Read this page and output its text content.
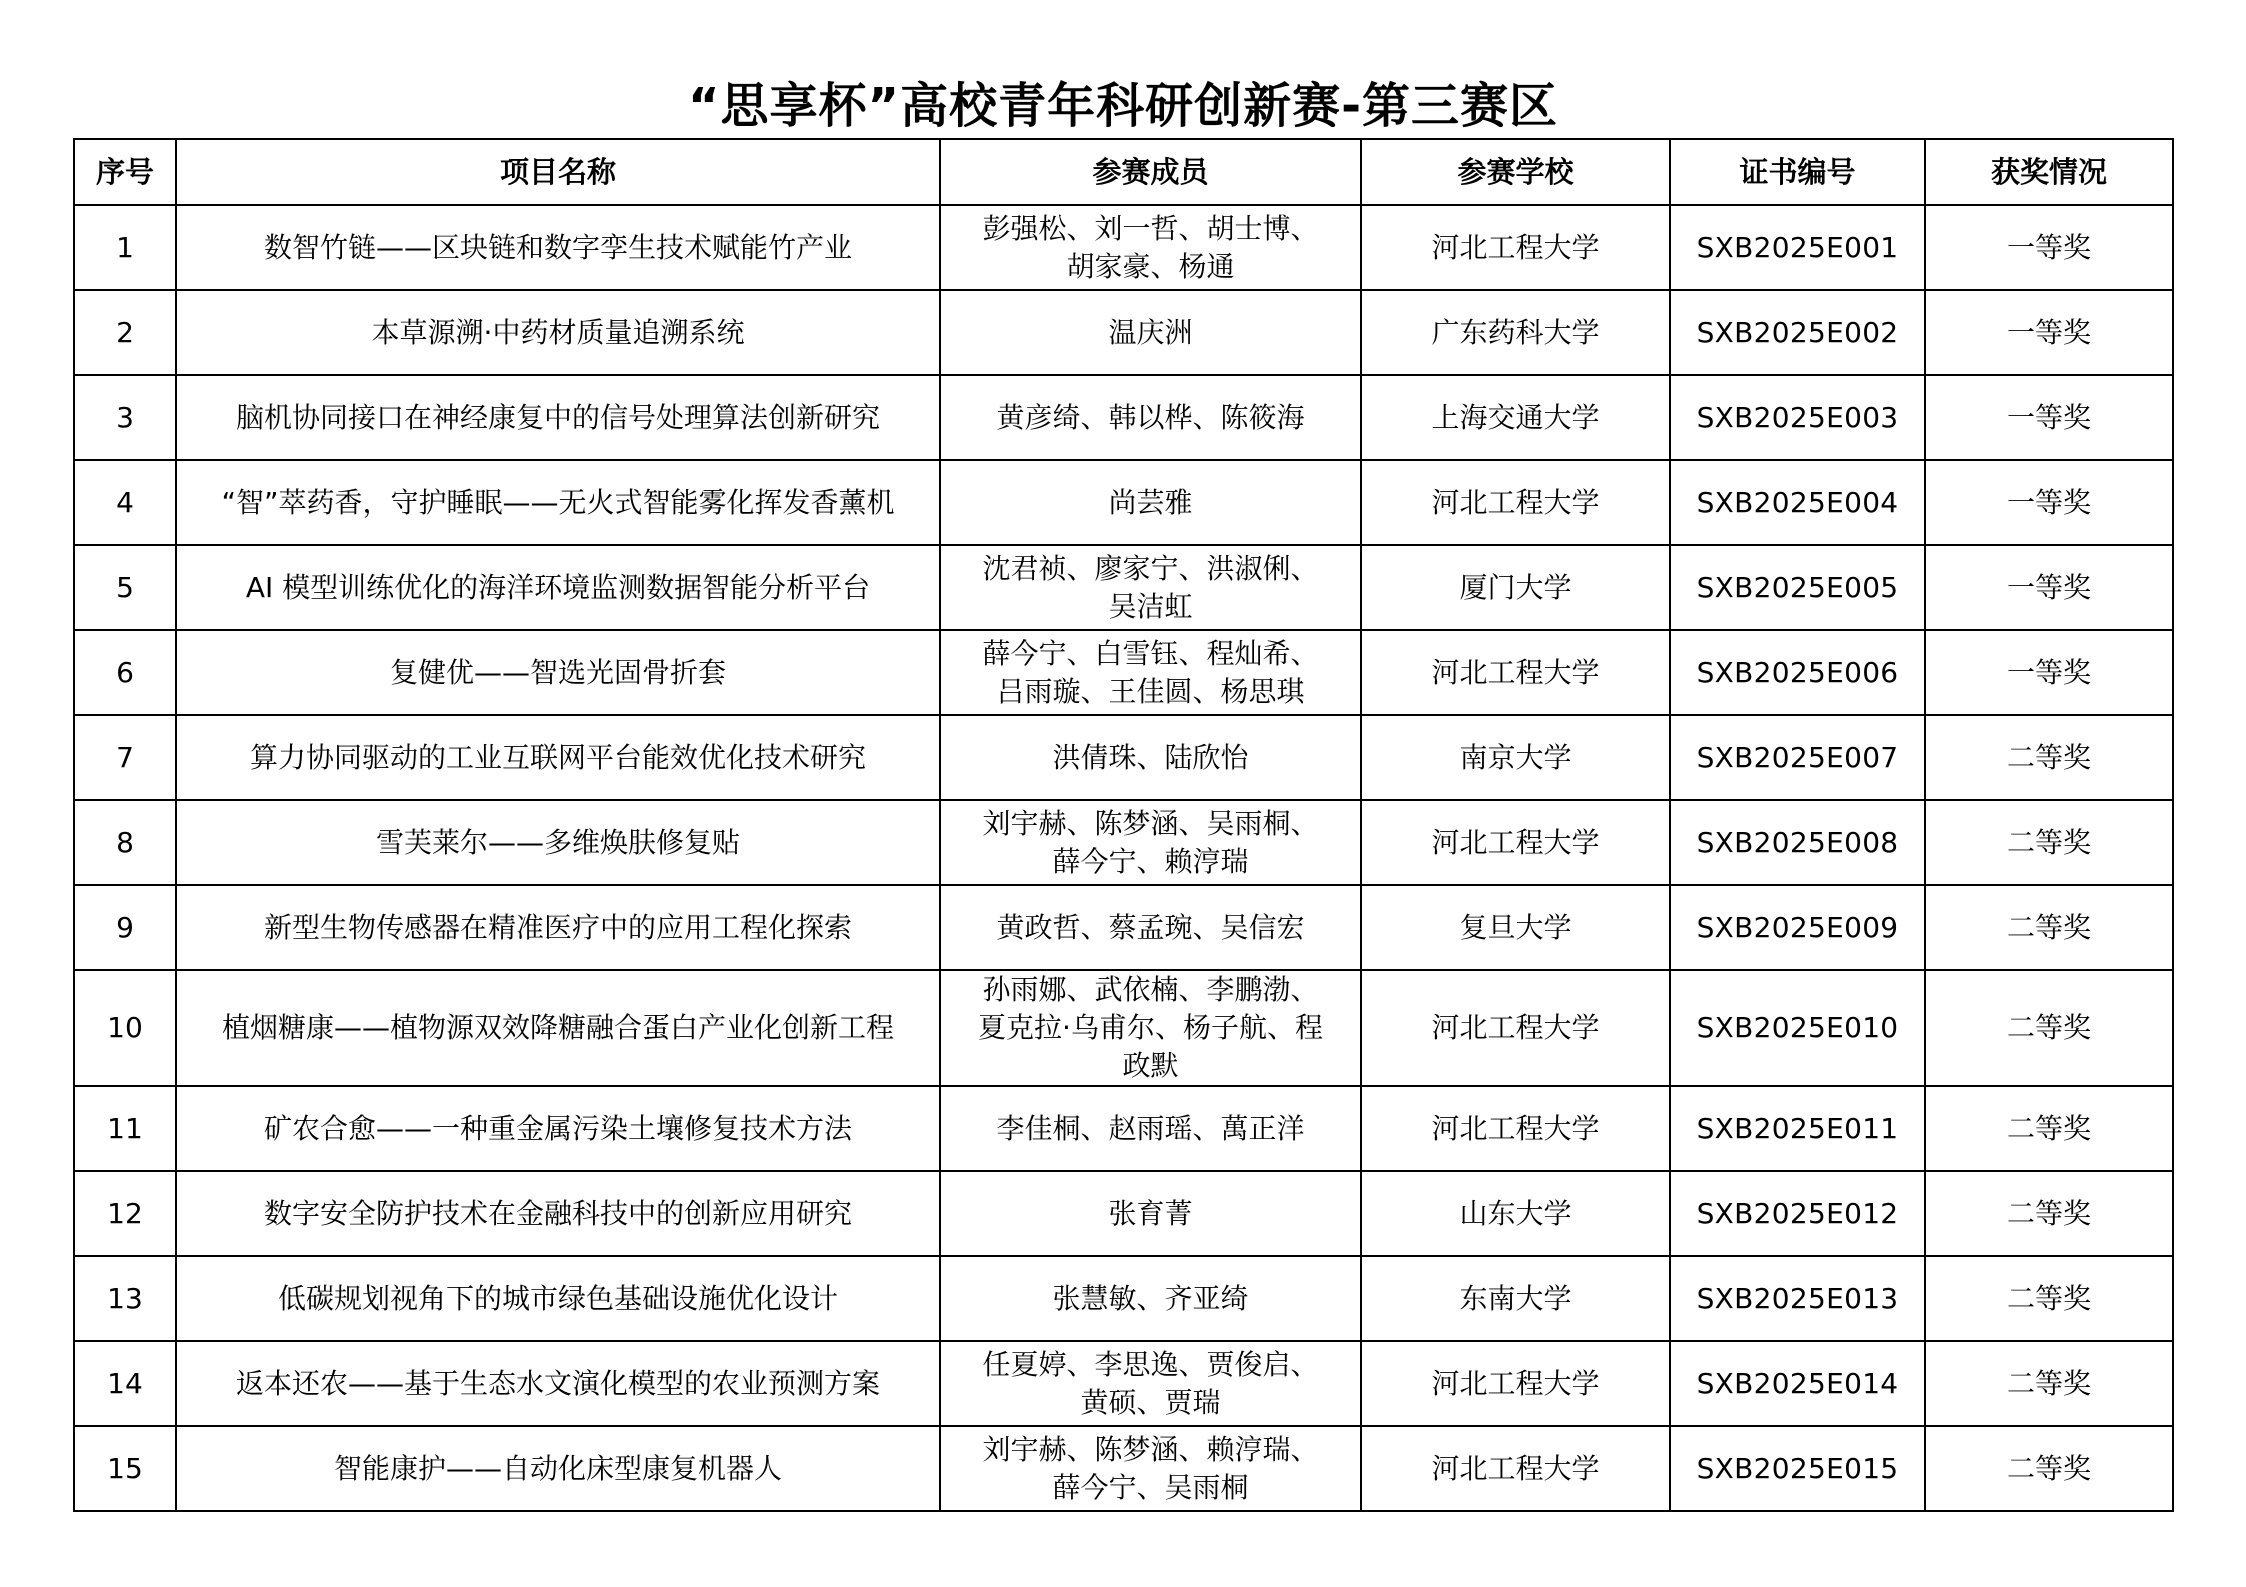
“思享杯”高校青年科研创新赛-第三赛区
序号	项目名称	参赛成员	参赛学校	证书编号	获奖情况
1	数智竹链——区块链和数字孪生技术赋能竹产业	彭强松、刘一哲、胡士博、胡家豪、杨通	河北工程大学	SXB2025E001	一等奖
2	本草源溯·中药材质量追溯系统	温庆洲	广东药科大学	SXB2025E002	一等奖
3	脑机协同接口在神经康复中的信号处理算法创新研究	黄彦绮、韩以桦、陈筱海	上海交通大学	SXB2025E003	一等奖
4	“智”萃药香，守护睡眠——无火式智能雾化挥发香薰机	尚芸雅	河北工程大学	SXB2025E004	一等奖
5	AI 模型训练优化的海洋环境监测数据智能分析平台	沈君祯、廖家宁、洪淑俐、吴洁虹	厦门大学	SXB2025E005	一等奖
6	复健优——智选光固骨折套	薛今宁、白雪钰、程灿希、吕雨璇、王佳圆、杨思琪	河北工程大学	SXB2025E006	一等奖
7	算力协同驱动的工业互联网平台能效优化技术研究	洪倩珠、陆欣怡	南京大学	SXB2025E007	二等奖
8	雪芙莱尔——多维焕肤修复贴	刘宇赫、陈梦涵、吴雨桐、薛今宁、赖涥瑞	河北工程大学	SXB2025E008	二等奖
9	新型生物传感器在精准医疗中的应用工程化探索	黄政哲、蔡孟琬、吴信宏	复旦大学	SXB2025E009	二等奖
10	植烟糖康——植物源双效降糖融合蛋白产业化创新工程	孙雨娜、武依楠、李鹏渤、夏克拉·乌甫尔、杨子航、程政默	河北工程大学	SXB2025E010	二等奖
11	矿农合愈——一种重金属污染土壤修复技术方法	李佳桐、赵雨瑶、萬正洋	河北工程大学	SXB2025E011	二等奖
12	数字安全防护技术在金融科技中的创新应用研究	张育菁	山东大学	SXB2025E012	二等奖
13	低碳规划视角下的城市绿色基础设施优化设计	张慧敏、齐亚绮	东南大学	SXB2025E013	二等奖
14	返本还农——基于生态水文演化模型的农业预测方案	任夏婷、李思逸、贾俊启、黄硕、贾瑞	河北工程大学	SXB2025E014	二等奖
15	智能康护——自动化床型康复机器人	刘宇赫、陈梦涵、赖涥瑞、薛今宁、吴雨桐	河北工程大学	SXB2025E015	二等奖
